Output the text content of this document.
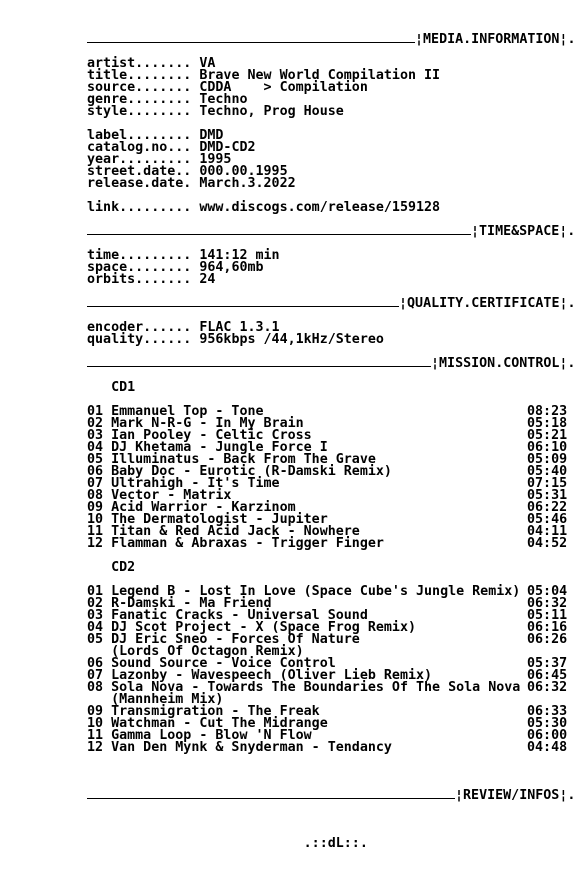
¦MEDIA.INFORMATION¦.
artist....... VA
title........ Brave New World Compilation II
source....... CDDA    > Compilation
genre........ Techno
style........ Techno, Prog House
label........ DMD
catalog.no... DMD-CD2
year......... 1995
street.date.. 000.00.1995
release.date. March.3.2022
link......... www.discogs.com/release/159128
¦TIME&SPACE¦.
time......... 141:12 min
space........ 964,60mb
orbits....... 24
¦QUALITY.CERTIFICATE¦.
encoder...... FLAC 1.3.1
quality...... 956kbps /44,1kHz/Stereo
¦MISSION.CONTROL¦.
CD1
01 Emmanuel Top - Tone	08:23
02 Mark N-R-G - In My Brain	05:18
03 Ian Pooley - Celtic Cross	05:21
04 DJ Khetama - Jungle Force I	06:10
05 Illuminatus - Back From The Grave	05:09
06 Baby Doc - Eurotic (R-Damski Remix)	05:40
07 Ultrahigh - It's Time	07:15
08 Vector - Matrix	05:31
09 Acid Warrior - Karzinom	06:22
10 The Dermatologist - Jupiter	05:46
11 Titan & Red Acid Jack - Nowhere	04:11
12 Flamman & Abraxas - Trigger Finger	04:52
CD2
01 Legend B - Lost In Love (Space Cube's Jungle Remix) 05:04
02 R-Damski - Ma Friend	06:32
03 Fanatic Cracks - Universal Sound	05:11
04 DJ Scot Project - X (Space Frog Remix)	06:16
05 DJ Eric Sneo - Forces Of Nature	06:26
(Lords Of Octagon Remix)
06 Sound Source - Voice Control	05:37
07 Lazonby - Wavespeech (Oliver Lieb Remix)	06:45
08 Sola Nova - Towards The Boundaries Of The Sola Nova 06:32
(Mannheim Mix)
09 Transmigration - The Freak	06:33
10 Watchman - Cut The Midrange	05:30
11 Gamma Loop - Blow 'N Flow	06:00
12 Van Den Mynk & Snyderman - Tendancy	04:48
¦REVIEW/INFOS¦.
.::dL::.
